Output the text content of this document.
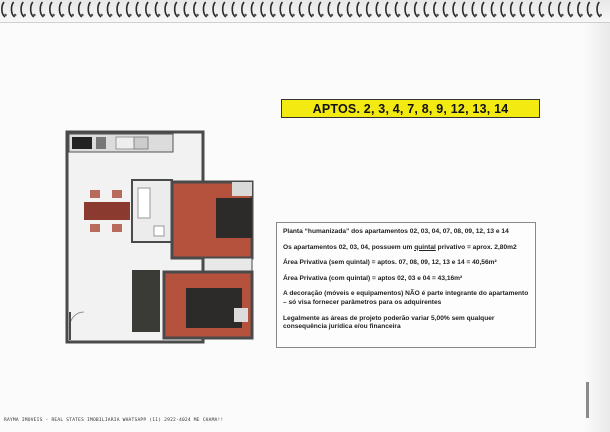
APTOS. 2, 3, 4, 7, 8, 9, 12, 13, 14

Planta “humanizada” dos apartamentos 02, 03, 04, 07, 08, 09, 12, 13 e 14

Os apartamentos 02, 03, 04, possuem um quintal privativo = aprox. 2,80m2

Área Privativa (sem quintal) = aptos. 07, 08, 09, 12, 13 e 14 = 40,56m²

Área Privativa (com quintal) = aptos 02, 03 e 04 = 43,16m²

A decoração (móveis e equipamentos) NÃO é parte integrante do apartamento – só visa fornecer parâmetros para os adquirentes

Legalmente as áreas de projeto poderão variar 5,00% sem qualquer consequência jurídica e/ou financeira

RAYMA IMOVEIS - REAL STATES IMOBILIARIA WHATSAPP (11) 2922-4024 ME CHAMA!!
